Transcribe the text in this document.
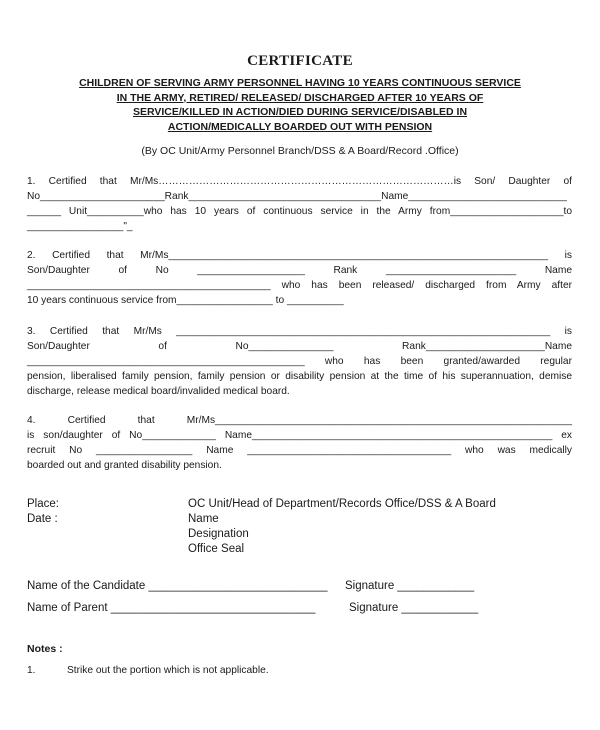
CERTIFICATE
CHILDREN OF SERVING ARMY PERSONNEL HAVING 10 YEARS CONTINUOUS SERVICE
IN THE ARMY, RETIRED/ RELEASED/ DISCHARGED AFTER 10 YEARS OF
SERVICE/KILLED IN ACTION/DIED DURING SERVICE/DISABLED IN
ACTION/MEDICALLY BOARDED OUT WITH PENSION
(By OC Unit/Army Personnel Branch/DSS & A Board/Record .Office)
1. Certified that Mr/Ms……………………………………………………………………………is Son/ Daughter of
No______________________Rank__________________________________Name____________________________
______ Unit__________who has 10 years of continuous service in the Army from____________________to
_________________"_
2. Certified that Mr/Ms___________________________________________________________________ is
Son/Daughter of No ___________________ Rank _______________________ Name
___________________________________________ who has been released/ discharged from Army after
10 years continuous service from_________________ to __________
3. Certified that Mr/Ms __________________________________________________________________ is
Son/Daughter of No_______________ Rank_____________________Name
_________________________________________________ who has been granted/awarded regular
pension, liberalised family pension, family pension or disability pension at the time of his superannuation, demise
discharge, release medical board/invalided medical board.
4. Certified that Mr/Ms_______________________________________________________________
is son/daughter of No_____________ Name_____________________________________________________ ex
recruit No _________________ Name ____________________________________ who was medically
boarded out and granted disability pension.
Place:
Date :
OC Unit/Head of Department/Records Office/DSS & A Board
Name
Designation
Office Seal
Name of the Candidate ____________________________ Signature ____________
Name of Parent ________________________________	Signature ____________
Notes :
1.	Strike out the portion which is not applicable.
